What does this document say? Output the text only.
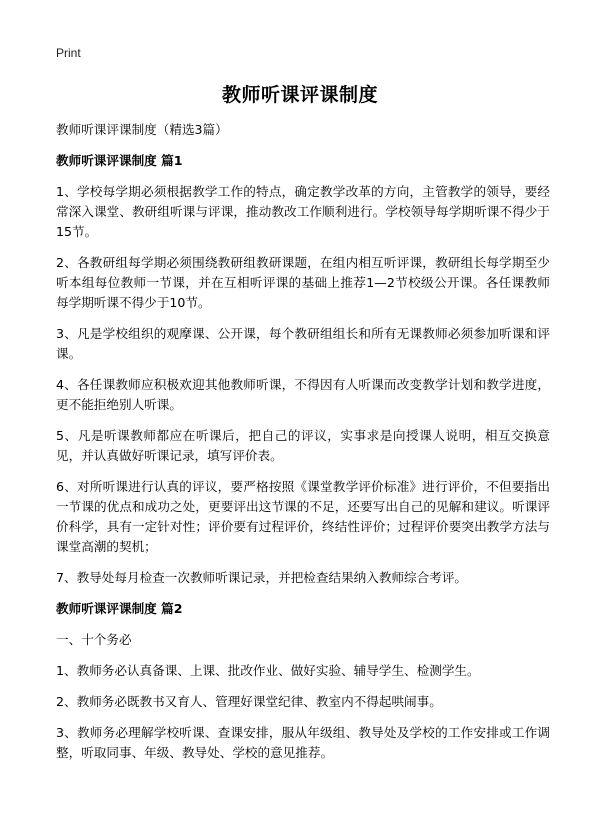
Print
教师听课评课制度

教师听课评课制度（精选3篇）

教师听课评课制度 篇1

1、学校每学期必须根据教学工作的特点，确定教学改革的方向，主管教学的领导，要经常深入课堂、教研组听课与评课，推动教改工作顺利进行。学校领导每学期听课不得少于15节。

2、各教研组每学期必须围绕教研组教研课题，在组内相互听评课，教研组长每学期至少听本组每位教师一节课，并在互相听评课的基础上推荐1—2节校级公开课。各任课教师每学期听课不得少于10节。

3、凡是学校组织的观摩课、公开课，每个教研组组长和所有无课教师必须参加听课和评课。

4、各任课教师应积极欢迎其他教师听课，不得因有人听课而改变教学计划和教学进度，更不能拒绝别人听课。

5、凡是听课教师都应在听课后，把自己的评议，实事求是向授课人说明，相互交换意见，并认真做好听课记录，填写评价表。

6、对所听课进行认真的评议，要严格按照《课堂教学评价标准》进行评价，不但要指出一节课的优点和成功之处，更要评出这节课的不足，还要写出自己的见解和建议。听课评价科学，具有一定针对性；评价要有过程评价，终结性评价；过程评价要突出教学方法与课堂高潮的契机；

7、教导处每月检查一次教师听课记录，并把检查结果纳入教师综合考评。

教师听课评课制度 篇2

一、十个务必

1、教师务必认真备课、上课、批改作业、做好实验、辅导学生、检测学生。

2、教师务必既教书又育人、管理好课堂纪律、教室内不得起哄闹事。

3、教师务必理解学校听课、查课安排，服从年级组、教导处及学校的工作安排或工作调整，听取同事、年级、教导处、学校的意见推荐。
